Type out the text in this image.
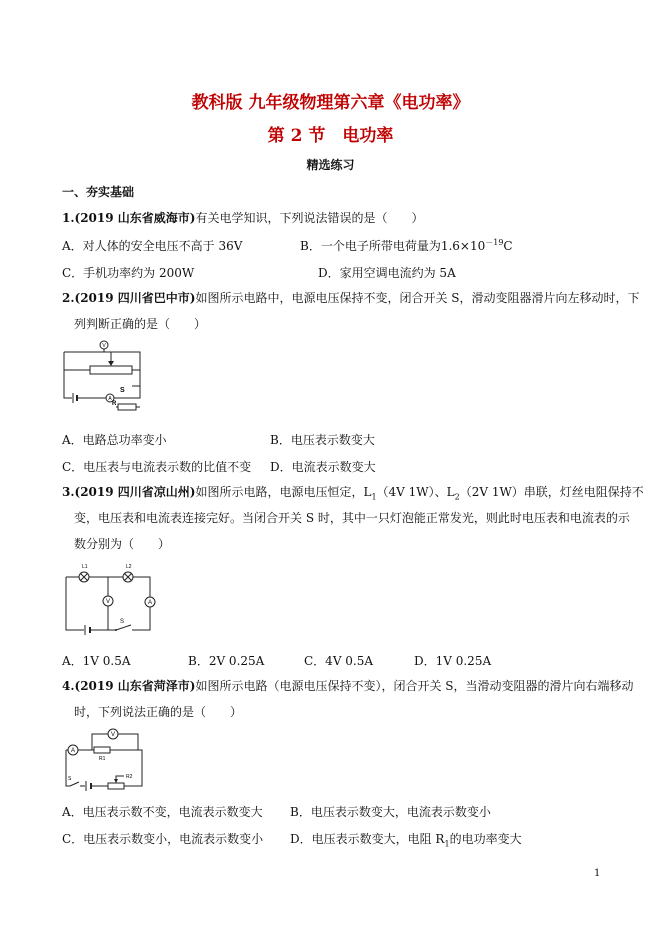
教科版 九年级物理第六章《电功率》
第 2 节　电功率
精选练习
一、夯实基础
1.(2019 山东省威海市)有关电学知识，下列说法错误的是（　　）
A．对人体的安全电压不高于 36V	B．一个电子所带电荷量为$1.6\times 10^{-19}C$
C．手机功率约为 200W	D．家用空调电流约为 5A
2.(2019 四川省巴中市)如图所示电路中，电源电压保持不变，闭合开关 S，滑动变阻器滑片向左移动时，下
列判断正确的是（　　）
V
A
S
R
A．电路总功率变小	B．电压表示数变大
C．电压表与电流表示数的比值不变 D．电流表示数变大
3.(2019 四川省凉山州)如图所示电路，电源电压恒定，$L_1(4V$ 1W）、$L_2(2V$ 1W）串联，灯丝电阻保持不
变，电压表和电流表连接完好。当闭合开关 S 时，其中一只灯泡能正常发光，则此时电压表和电流表的示
数分别为（　　）
L1	L2
V	A
S
A．1V 0.5A	B．2V 0.25A	C．4V 0.5A	D．1V 0.25A
4.(2019 山东省菏泽市)如图所示电路（电源电压保持不变），闭合开关 S，当滑动变阻器的滑片向右端移动
时，下列说法正确的是（　　）
A
R1
V
S	R2
A．电压表示数不变，电流表示数变大 B．电压表示数变大，电流表示数变小
C．电压表示数变小，电流表示数变小 D．电压表示数变大，电阻 $R_1$的电功率变大
1
